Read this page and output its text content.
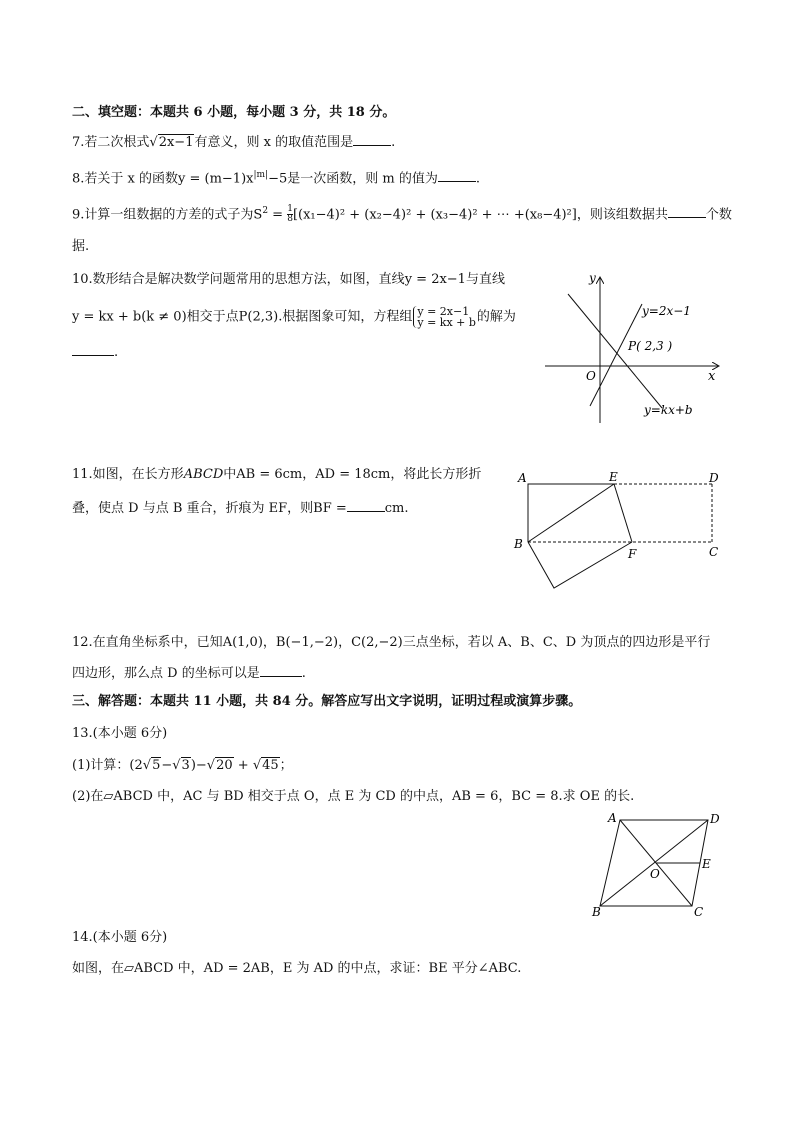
二、填空题：本题共 6 小题，每小题 3 分，共 18 分。
7.若二次根式√2x−1有意义，则 x 的取值范围是	.
8.若关于 x 的函数$y = (m-1)x^{|m|}-5$是一次函数，则 m 的值为	.
9.计算一组数据的方差的式子为$S^2 = \frac{1}{8} [(x_1-4)^2 + (x_2-4)^2 + (x_3-4)^2$ + ⋯ +(x₈−4)²]，则该组数据共	个数
据.
10.数形结合是解决数学问题常用的思想方法，如图，直线y = 2x−1与直线
y = kx + b(k ≠ 0)相交于点P(2,3).根据图象可知，方程组 y = 2x−1
y = kx + b 的解为
.
y
x
O
y=2x−1
P( 2,3 )
y=kx+b
11.如图，在长方形ABCD中AB = 6cm，AD = 18cm，将此长方形折
叠，使点 D 与点 B 重合，折痕为 EF，则BF =	cm.
A	E	D
B
F	C
12.在直角坐标系中，已知A(1,0)，B(−1,−2)，C(2,−2)三点坐标，若以 A、B、C、D 为顶点的四边形是平行
四边形，那么点 D 的坐标可以是	.
三、解答题：本题共 11 小题，共 84 分。解答应写出文字说明，证明过程或演算步骤。
13.(本小题 6分)
(1)计算：(2√5−√3)−√20 + √45；
(2)在▱ABCD 中，AC 与 BD 相交于点 O，点 E 为 CD 的中点，AB = 6，BC = 8.求 OE 的长.
A	D
E
O
B	C
14.(本小题 6分)
如图，在▱ABCD 中，AD = 2AB，E 为 AD 的中点，求证：BE 平分∠ABC.
